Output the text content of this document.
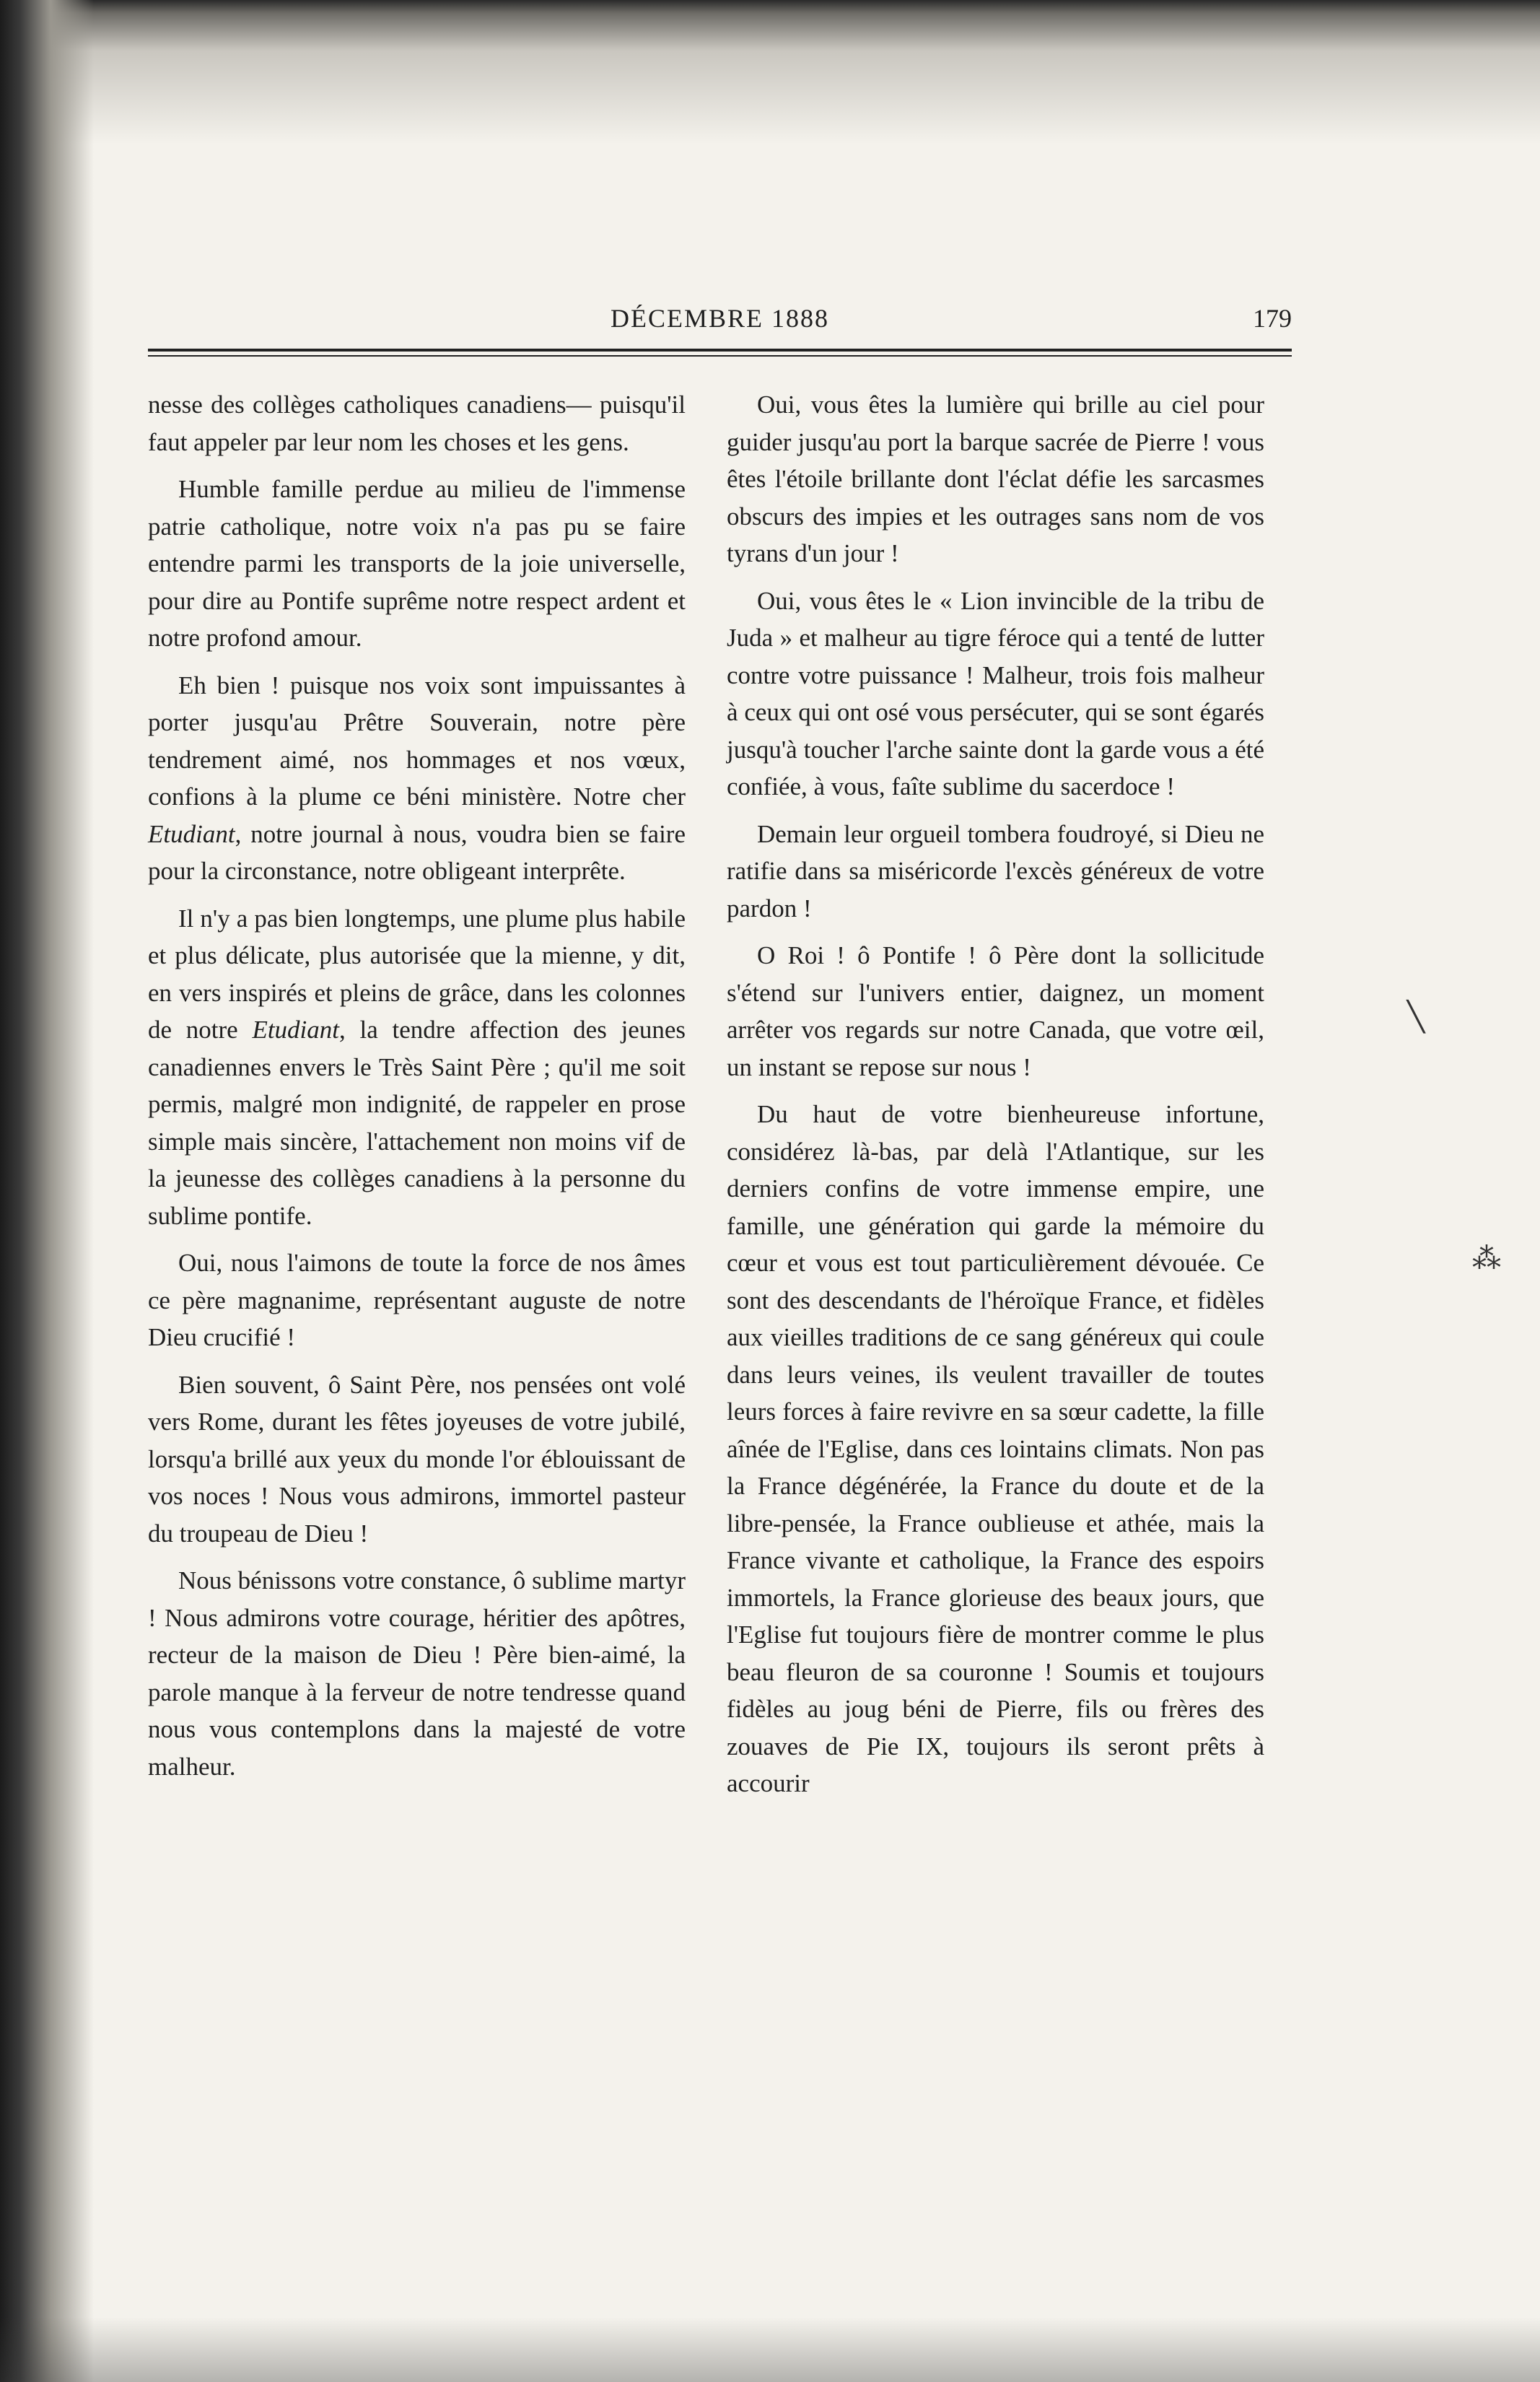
DÉCEMBRE 1888	179

nesse des collèges catholiques canadiens— puisqu'il faut appeler par leur nom les choses et les gens.

Humble famille perdue au milieu de l'immense patrie catholique, notre voix n'a pas pu se faire entendre parmi les transports de la joie universelle, pour dire au Pontife suprême notre respect ardent et notre profond amour.

Eh bien ! puisque nos voix sont impuissantes à porter jusqu'au Prêtre Souverain, notre père tendrement aimé, nos hommages et nos vœux, confions à la plume ce béni ministère. Notre cher Etudiant, notre journal à nous, voudra bien se faire pour la circonstance, notre obligeant interprête.

Il n'y a pas bien longtemps, une plume plus habile et plus délicate, plus autorisée que la mienne, y dit, en vers inspirés et pleins de grâce, dans les colonnes de notre Etudiant, la tendre affection des jeunes canadiennes envers le Très Saint Père ; qu'il me soit permis, malgré mon indignité, de rappeler en prose simple mais sincère, l'attachement non moins vif de la jeunesse des collèges canadiens à la personne du sublime pontife.

Oui, nous l'aimons de toute la force de nos âmes ce père magnanime, représentant auguste de notre Dieu crucifié !

Bien souvent, ô Saint Père, nos pensées ont volé vers Rome, durant les fêtes joyeuses de votre jubilé, lorsqu'a brillé aux yeux du monde l'or éblouissant de vos noces ! Nous vous admirons, immortel pasteur du troupeau de Dieu !

Nous bénissons votre constance, ô sublime martyr ! Nous admirons votre courage, héritier des apôtres, recteur de la maison de Dieu ! Père bien-aimé, la parole manque à la ferveur de notre tendresse quand nous vous contemplons dans la majesté de votre malheur.

Oui, vous êtes la lumière qui brille au ciel pour guider jusqu'au port la barque sacrée de Pierre ! vous êtes l'étoile brillante dont l'éclat défie les sarcasmes obscurs des impies et les outrages sans nom de vos tyrans d'un jour !

Oui, vous êtes le « Lion invincible de la tribu de Juda » et malheur au tigre féroce qui a tenté de lutter contre votre puissance ! Malheur, trois fois malheur à ceux qui ont osé vous persécuter, qui se sont égarés jusqu'à toucher l'arche sainte dont la garde vous a été confiée, à vous, faîte sublime du sacerdoce !

Demain leur orgueil tombera foudroyé, si Dieu ne ratifie dans sa miséricorde l'excès généreux de votre pardon !

O Roi ! ô Pontife ! ô Père dont la sollicitude s'étend sur l'univers entier, daignez, un moment arrêter vos regards sur notre Canada, que votre œil, un instant se repose sur nous !

Du haut de votre bienheureuse infortune, considérez là-bas, par delà l'Atlantique, sur les derniers confins de votre immense empire, une famille, une génération qui garde la mémoire du cœur et vous est tout particulièrement dévouée. Ce sont des descendants de l'héroïque France, et fidèles aux vieilles traditions de ce sang généreux qui coule dans leurs veines, ils veulent travailler de toutes leurs forces à faire revivre en sa sœur cadette, la fille aînée de l'Eglise, dans ces lointains climats. Non pas la France dégénérée, la France du doute et de la libre-pensée, la France oublieuse et athée, mais la France vivante et catholique, la France des espoirs immortels, la France glorieuse des beaux jours, que l'Eglise fut toujours fière de montrer comme le plus beau fleuron de sa couronne ! Soumis et toujours fidèles au joug béni de Pierre, fils ou frères des zouaves de Pie IX, toujours ils seront prêts à accourir

╲
⁂
